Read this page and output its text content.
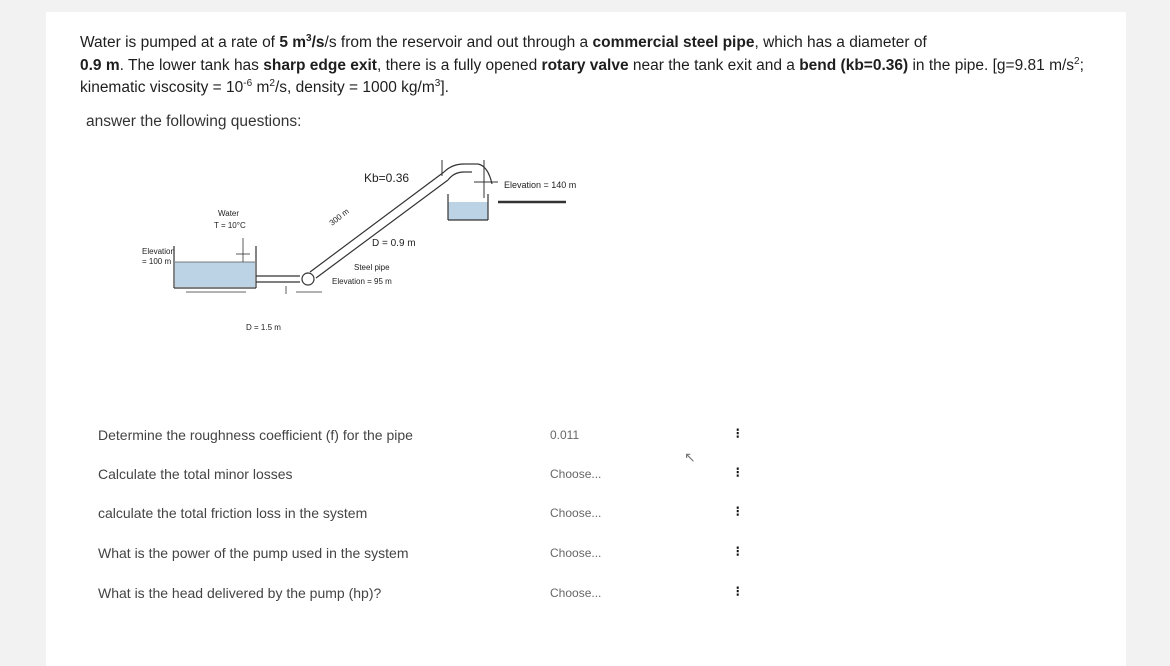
Water is pumped at a rate of 5 $m^3/s/s$ from the reservoir and out through a commercial steel pipe, which has a diameter of
0.9 m. The lower tank has sharp edge exit, there is a fully opened rotary valve near the tank exit and a bend (kb=0.36) in the pipe. [g=9.81 $m/s^2$; kinematic viscosity = $10^{-6}$ $m^2/s$, density = 1000 $kg/m^3$].
answer the following questions:
Kb=0.36	Elevation = 140 m
Water
T = 10°C	300 m
D = 0.9 m
Elevation
= 100 m
Steel pipe
Elevation = 95 m
D = 1.5 m
Determine the roughness coefficient (f) for the pipe	0.011	⁝
Calculate the total minor losses	Choose...	⁝
calculate the total friction loss in the system	Choose...	⁝
What is the power of the pump used in the system	Choose...	⁝
What is the head delivered by the pump (hp)?	Choose...	⁝
↖
